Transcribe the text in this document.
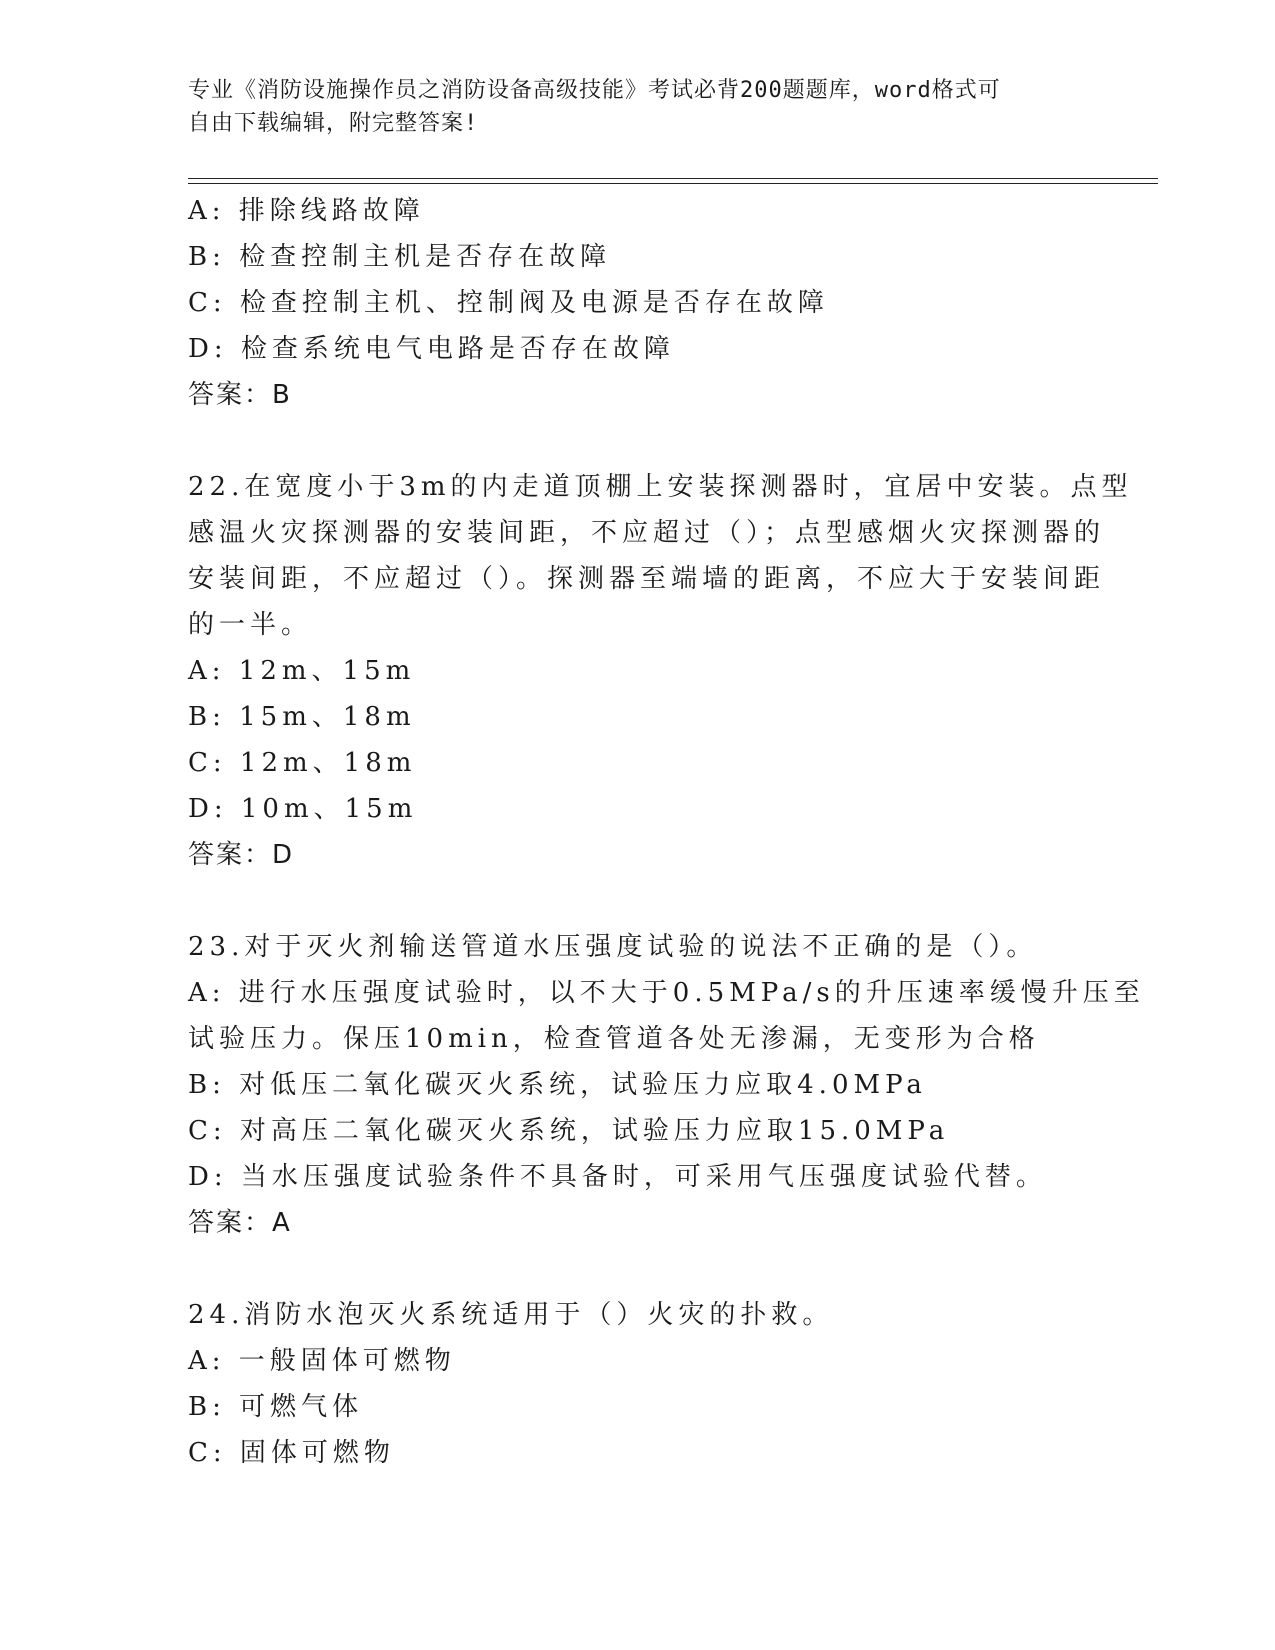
专业《消防设施操作员之消防设备高级技能》考试必背200题题库，word格式可
自由下载编辑，附完整答案!
A: 排除线路故障
B: 检查控制主机是否存在故障
C: 检查控制主机、控制阀及电源是否存在故障
D: 检查系统电气电路是否存在故障
答案：B
22.在宽度小于3m的内走道顶棚上安装探测器时，宜居中安装。点型
感温火灾探测器的安装间距，不应超过（）；点型感烟火灾探测器的
安装间距，不应超过（）。探测器至端墙的距离，不应大于安装间距
的一半。
A: 12m、15m
B: 15m、18m
C: 12m、18m
D: 10m、15m
答案：D
23.对于灭火剂输送管道水压强度试验的说法不正确的是（）。
A: 进行水压强度试验时，以不大于0.5MPa/s的升压速率缓慢升压至
试验压力。保压10min，检查管道各处无渗漏，无变形为合格
B: 对低压二氧化碳灭火系统，试验压力应取4.0MPa
C: 对高压二氧化碳灭火系统，试验压力应取15.0MPa
D: 当水压强度试验条件不具备时，可采用气压强度试验代替。
答案：A
24.消防水泡灭火系统适用于（）火灾的扑救。
A: 一般固体可燃物
B: 可燃气体
C: 固体可燃物
